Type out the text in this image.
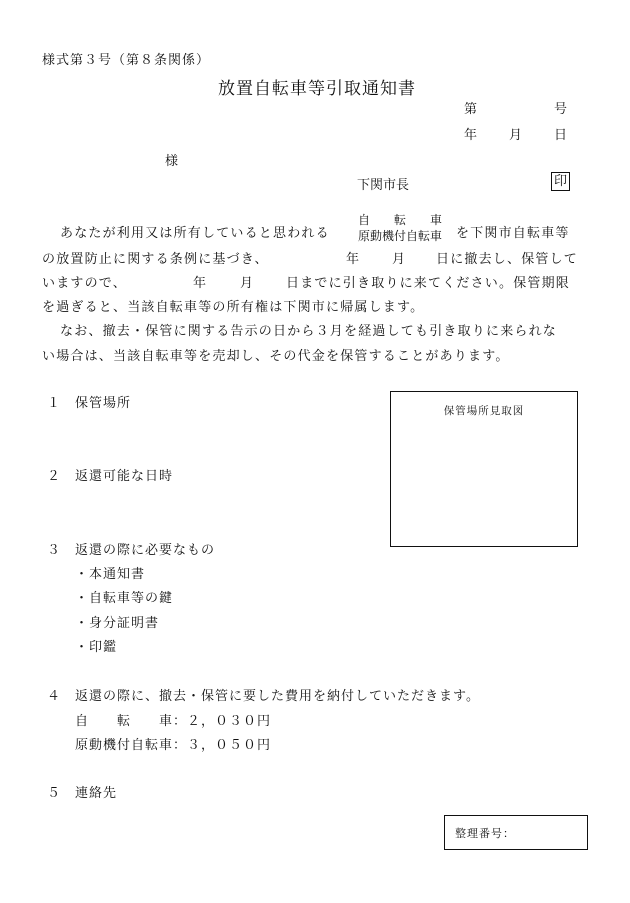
様式第３号（第８条関係）
放置自転車等引取通知書
第	号
年 月 日
様
下関市長	印
あなたが利用又は所有していると思われる
自　　転　　車
原動機付自転車 を下関市自転車等
の放置防止に関する条例に基づき、	年 月 日に撤去し、保管して
いますので、	年	月 日までに引き取りに来てください。保管期限
を過ぎると、当該自転車等の所有権は下関市に帰属します。
なお、撤去・保管に関する告示の日から３月を経過しても引き取りに来られな
い場合は、当該自転車等を売却し、その代金を保管することがあります。
１ 保管場所	保管場所見取図
２ 返還可能な日時
３ 返還の際に必要なもの
・本通知書
・自転車等の鍵
・身分証明書
・印鑑
４ 返還の際に、撤去・保管に要した費用を納付していただきます。
自　　転　　車：２，０３０円
原動機付自転車：３，０５０円
５ 連絡先
整理番号：
